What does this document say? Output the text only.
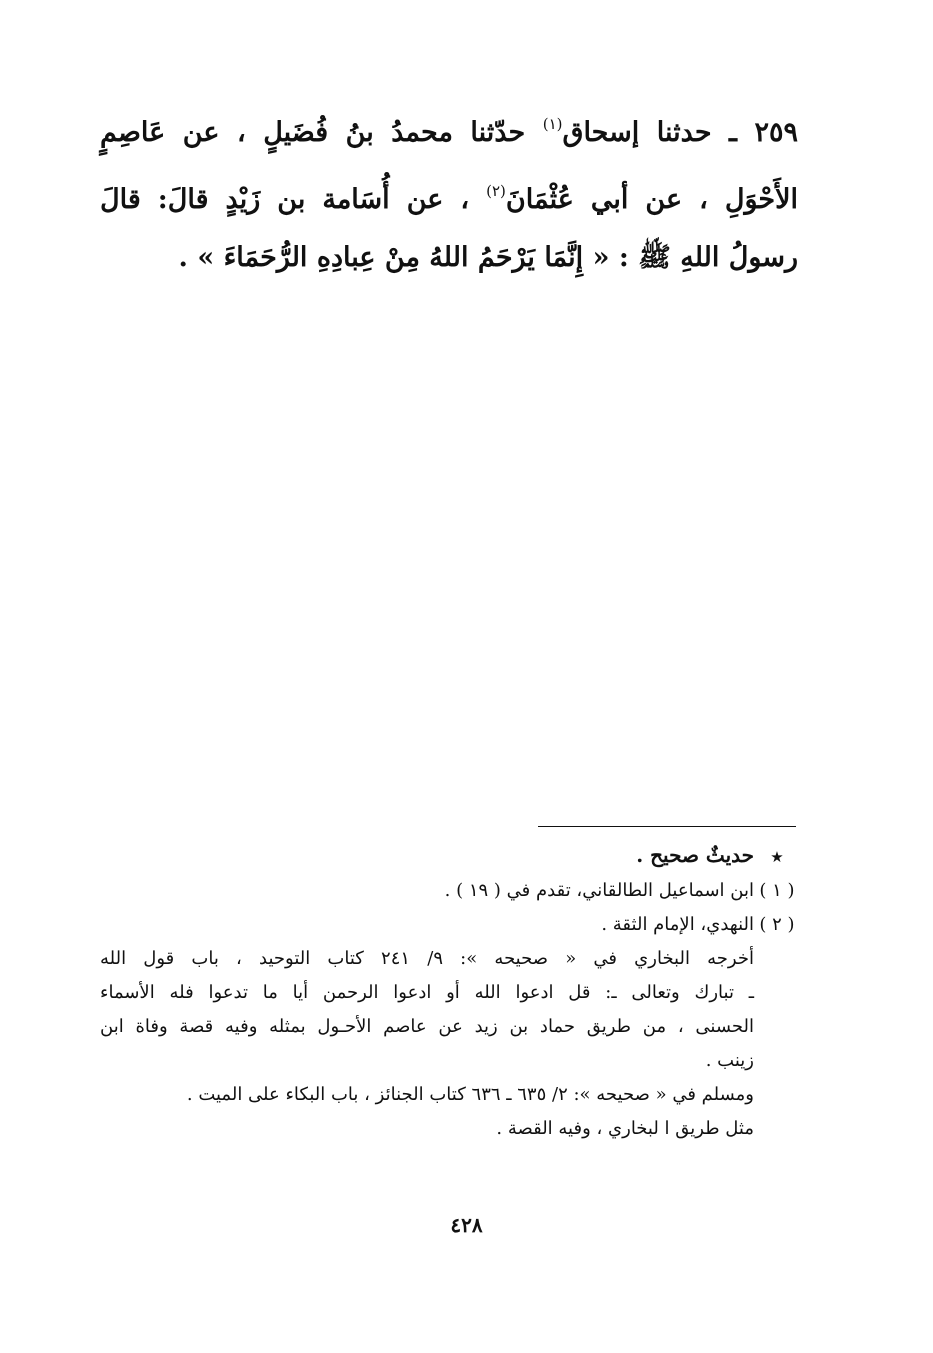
٢٥٩ ـ حدثنا إسحاق$^{(١)}$ حدّثنا محمدُ بنُ فُضَيلٍ ، عن عَاصِمٍ
الأَحْوَلِ ، عن أبي عُثْمَانَ$^{(٢)}$ ، عن أُسَامة بن زَيْدٍ قالَ: قالَ
رسولُ اللهِ ﷺ : « إِنَّمَا يَرْحَمُ اللهُ مِنْ عِبادِهِ الرُّحَمَاءَ » .
★حديثٌ صحيح .
( ١ )ابن اسماعيل الطالقاني، تقدم في ( ١٩ ) .
( ٢ )النهدي، الإمام الثقة .
أخرجه البخاري في « صحيحه »: ٩/ ٢٤١ كتاب التوحيد ، باب قول الله
ـ تبارك وتعالى ـ: قل ادعوا الله أو ادعوا الرحمن أيا ما تدعوا فله الأسماء
الحسنى ، من طريق حماد بن زيد عن عاصم الأحـول بمثله وفيه قصة وفاة ابن
زينب .
ومسلم في « صحيحه »: ٢/ ٦٣٥ ـ ٦٣٦ كتاب الجنائز ، باب البكاء على الميت .
مثل طريق ا لبخاري ، وفيه القصة .
٤٢٨
